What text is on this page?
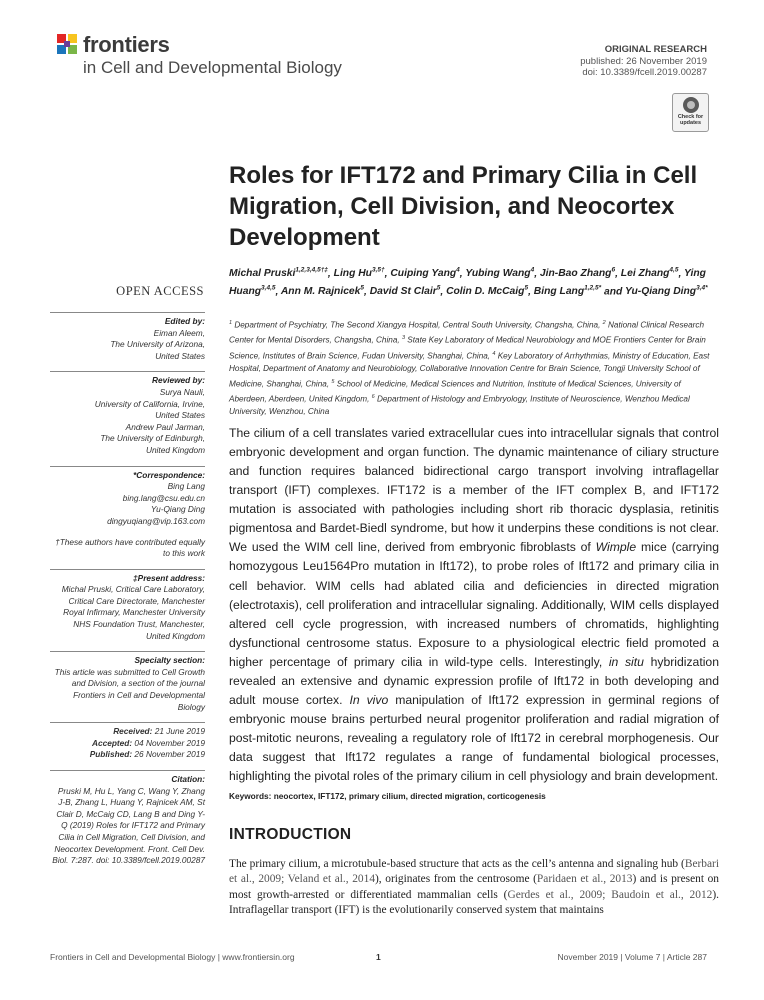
frontiers
in Cell and Developmental Biology
ORIGINAL RESEARCH
published: 26 November 2019
doi: 10.3389/fcell.2019.00287
Check for
updates
Roles for IFT172 and Primary Cilia in Cell Migration, Cell Division, and Neocortex Development
Michal Pruski$^{1,2,3,4,5\dagger\ddagger}$, Ling $Hu^{3,5\dagger}$, Cuiping Yang$^4$, Yubing Wang$^4$, Jin-Bao Zhang$^6$, Lei Zhang$^{4,5}$, Ying Huang$^{3,4,5}$, Ann M. Rajnicek$^5$, David St Clair$^5$, Colin D. McCaig$^5$, Bing Lang$^{1,2,5*}$ and Yu-Qiang Ding$^{3,4*}$
$^1$ Department of Psychiatry, The Second Xiangya Hospital, Central South University, Changsha, China, $^2$ National Clinical Research Center for Mental Disorders, Changsha, China, $^3$ State Key Laboratory of Medical Neurobiology and MOE Frontiers Center for Brain Science, Institutes of Brain Science, Fudan University, Shanghai, China, $^4$ Key Laboratory of Arrhythmias, Ministry of Education, East Hospital, Department of Anatomy and Neurobiology, Collaborative Innovation Centre for Brain Science, Tongji University School of Medicine, Shanghai, China, $^5$ School of Medicine, Medical Sciences and Nutrition, Institute of Medical Sciences, University of Aberdeen, Aberdeen, United Kingdom, $^6$ Department of Histology and Embryology, Institute of Neuroscience, Wenzhou Medical University, Wenzhou, China
OPEN ACCESS
Edited by:
Eiman Aleem,
The University of Arizona,
United States
Reviewed by:
Surya Nauli,
University of California, Irvine,
United States
Andrew Paul Jarman,
The University of Edinburgh,
United Kingdom
*Correspondence:
Bing Lang
bing.lang@csu.edu.cn
Yu-Qiang Ding
dingyuqiang@vip.163.com
†These authors have contributed equally to this work
‡Present address:
Michal Pruski, Critical Care Laboratory, Critical Care Directorate, Manchester Royal Infirmary, Manchester University NHS Foundation Trust, Manchester, United Kingdom
Specialty section:
This article was submitted to Cell Growth and Division, a section of the journal Frontiers in Cell and Developmental Biology
Received: 21 June 2019
Accepted: 04 November 2019
Published: 26 November 2019
Citation:
Pruski M, Hu L, Yang C, Wang Y, Zhang J-B, Zhang L, Huang Y, Rajnicek AM, St Clair D, McCaig CD, Lang B and Ding Y-Q (2019) Roles for IFT172 and Primary Cilia in Cell Migration, Cell Division, and Neocortex Development. Front. Cell Dev. Biol. 7:287. doi: 10.3389/fcell.2019.00287
The cilium of a cell translates varied extracellular cues into intracellular signals that control embryonic development and organ function. The dynamic maintenance of ciliary structure and function requires balanced bidirectional cargo transport involving intraflagellar transport (IFT) complexes. IFT172 is a member of the IFT complex B, and IFT172 mutation is associated with pathologies including short rib thoracic dysplasia, retinitis pigmentosa and Bardet-Biedl syndrome, but how it underpins these conditions is not clear. We used the WIM cell line, derived from embryonic fibroblasts of Wimple mice (carrying homozygous Leu1564Pro mutation in Ift172), to probe roles of Ift172 and primary cilia in cell behavior. WIM cells had ablated cilia and deficiencies in directed migration (electrotaxis), cell proliferation and intracellular signaling. Additionally, WIM cells displayed altered cell cycle progression, with increased numbers of chromatids, highlighting dysfunctional centrosome status. Exposure to a physiological electric field promoted a higher percentage of primary cilia in wild-type cells. Interestingly, in situ hybridization revealed an extensive and dynamic expression profile of Ift172 in both developing and adult mouse cortex. In vivo manipulation of Ift172 expression in germinal regions of embryonic mouse brains perturbed neural progenitor proliferation and radial migration of post-mitotic neurons, revealing a regulatory role of Ift172 in cerebral morphogenesis. Our data suggest that Ift172 regulates a range of fundamental biological processes, highlighting the pivotal roles of the primary cilium in cell physiology and brain development.
Keywords: neocortex, IFT172, primary cilium, directed migration, corticogenesis
INTRODUCTION
The primary cilium, a microtubule-based structure that acts as the cell’s antenna and signaling hub (Berbari et al., 2009; Veland et al., 2014), originates from the centrosome (Paridaen et al., 2013) and is present on most growth-arrested or differentiated mammalian cells (Gerdes et al., 2009; Baudoin et al., 2012). Intraflagellar transport (IFT) is the evolutionarily conserved system that maintains
Frontiers in Cell and Developmental Biology | www.frontiersin.org	1	November 2019 | Volume 7 | Article 287
